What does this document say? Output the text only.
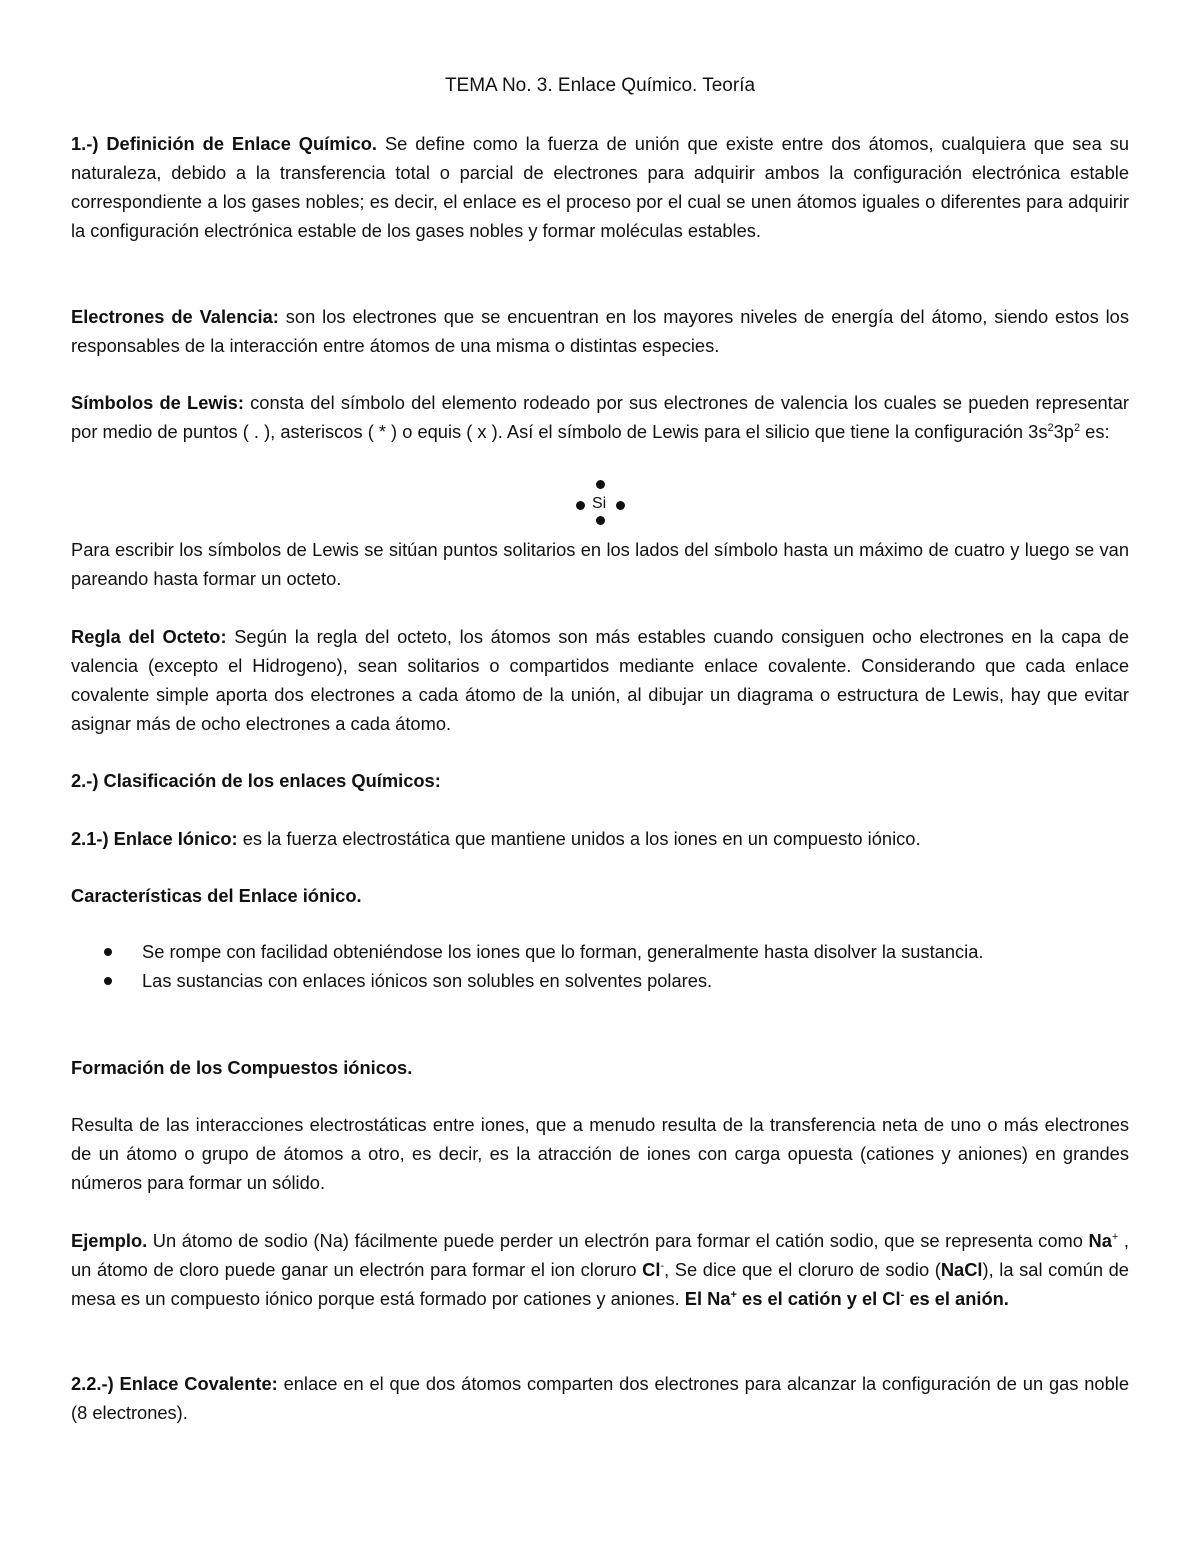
TEMA No. 3. Enlace Químico. Teoría
1.-) Definición de Enlace Químico. Se define como la fuerza de unión que existe entre dos átomos, cualquiera que sea su naturaleza, debido a la transferencia total o parcial de electrones para adquirir ambos la configuración electrónica estable correspondiente a los gases nobles; es decir, el enlace es el proceso por el cual se unen átomos iguales o diferentes para adquirir la configuración electrónica estable de los gases nobles y formar moléculas estables.
Electrones de Valencia: son los electrones que se encuentran en los mayores niveles de energía del átomo, siendo estos los responsables de la interacción entre átomos de una misma o distintas especies.
Símbolos de Lewis: consta del símbolo del elemento rodeado por sus electrones de valencia los cuales se pueden representar por medio de puntos ( . ), asteriscos ( * ) o equis ( x ). Así el símbolo de Lewis para el silicio que tiene la configuración $3s^23p^2$ es:
Si
Para escribir los símbolos de Lewis se sitúan puntos solitarios en los lados del símbolo hasta un máximo de cuatro y luego se van pareando hasta formar un octeto.
Regla del Octeto: Según la regla del octeto, los átomos son más estables cuando consiguen ocho electrones en la capa de valencia (excepto el Hidrogeno), sean solitarios o compartidos mediante enlace covalente. Considerando que cada enlace covalente simple aporta dos electrones a cada átomo de la unión, al dibujar un diagrama o estructura de Lewis, hay que evitar asignar más de ocho electrones a cada átomo.
2.-) Clasificación de los enlaces Químicos:
2.1-) Enlace Iónico: es la fuerza electrostática que mantiene unidos a los iones en un compuesto iónico.
Características del Enlace iónico.
Se rompe con facilidad obteniéndose los iones que lo forman, generalmente hasta disolver la sustancia.
Las sustancias con enlaces iónicos son solubles en solventes polares.
Formación de los Compuestos iónicos.
Resulta de las interacciones electrostáticas entre iones, que a menudo resulta de la transferencia neta de uno o más electrones de un átomo o grupo de átomos a otro, es decir, es la atracción de iones con carga opuesta (cationes y aniones) en grandes números para formar un sólido.
Ejemplo. Un átomo de sodio (Na) fácilmente puede perder un electrón para formar el catión sodio, que se representa como Na+ , un átomo de cloro puede ganar un electrón para formar el ion cloruro Cl-, Se dice que el cloruro de sodio (NaCl), la sal común de mesa es un compuesto iónico porque está formado por cationes y aniones. El Na+ es el catión y el Cl- es el anión.
2.2.-) Enlace Covalente: enlace en el que dos átomos comparten dos electrones para alcanzar la configuración de un gas noble (8 electrones).
